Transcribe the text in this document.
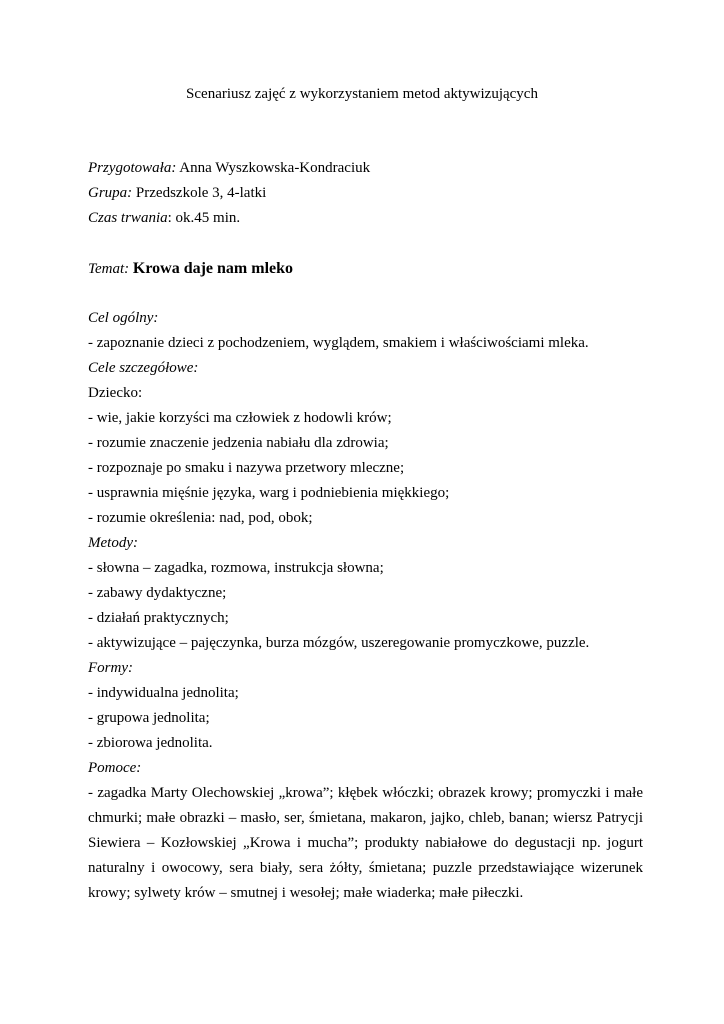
Scenariusz zajęć z wykorzystaniem metod aktywizujących
Przygotowała: Anna Wyszkowska-Kondraciuk
Grupa: Przedszkole 3, 4-latki
Czas trwania: ok.45 min.
Temat: Krowa daje nam mleko
Cel ogólny:
- zapoznanie dzieci z pochodzeniem, wyglądem, smakiem i właściwościami mleka.
Cele szczegółowe:
Dziecko:
- wie, jakie korzyści ma człowiek z hodowli krów;
- rozumie znaczenie jedzenia nabiału dla zdrowia;
- rozpoznaje po smaku i nazywa przetwory mleczne;
- usprawnia mięśnie języka, warg i podniebienia miękkiego;
- rozumie określenia: nad, pod, obok;
Metody:
- słowna – zagadka, rozmowa, instrukcja słowna;
- zabawy dydaktyczne;
- działań praktycznych;
- aktywizujące – pajęczynka, burza mózgów, uszeregowanie promyczkowe, puzzle.
Formy:
- indywidualna jednolita;
- grupowa jednolita;
- zbiorowa jednolita.
Pomoce:
- zagadka Marty Olechowskiej „krowa”; kłębek włóczki; obrazek krowy; promyczki i małe chmurki; małe obrazki – masło, ser, śmietana, makaron, jajko, chleb, banan; wiersz Patrycji Siewiera – Kozłowskiej „Krowa i mucha”; produkty nabiałowe do degustacji np. jogurt naturalny i owocowy, sera biały, sera żółty, śmietana; puzzle przedstawiające wizerunek krowy; sylwety krów – smutnej i wesołej; małe wiaderka; małe piłeczki.
